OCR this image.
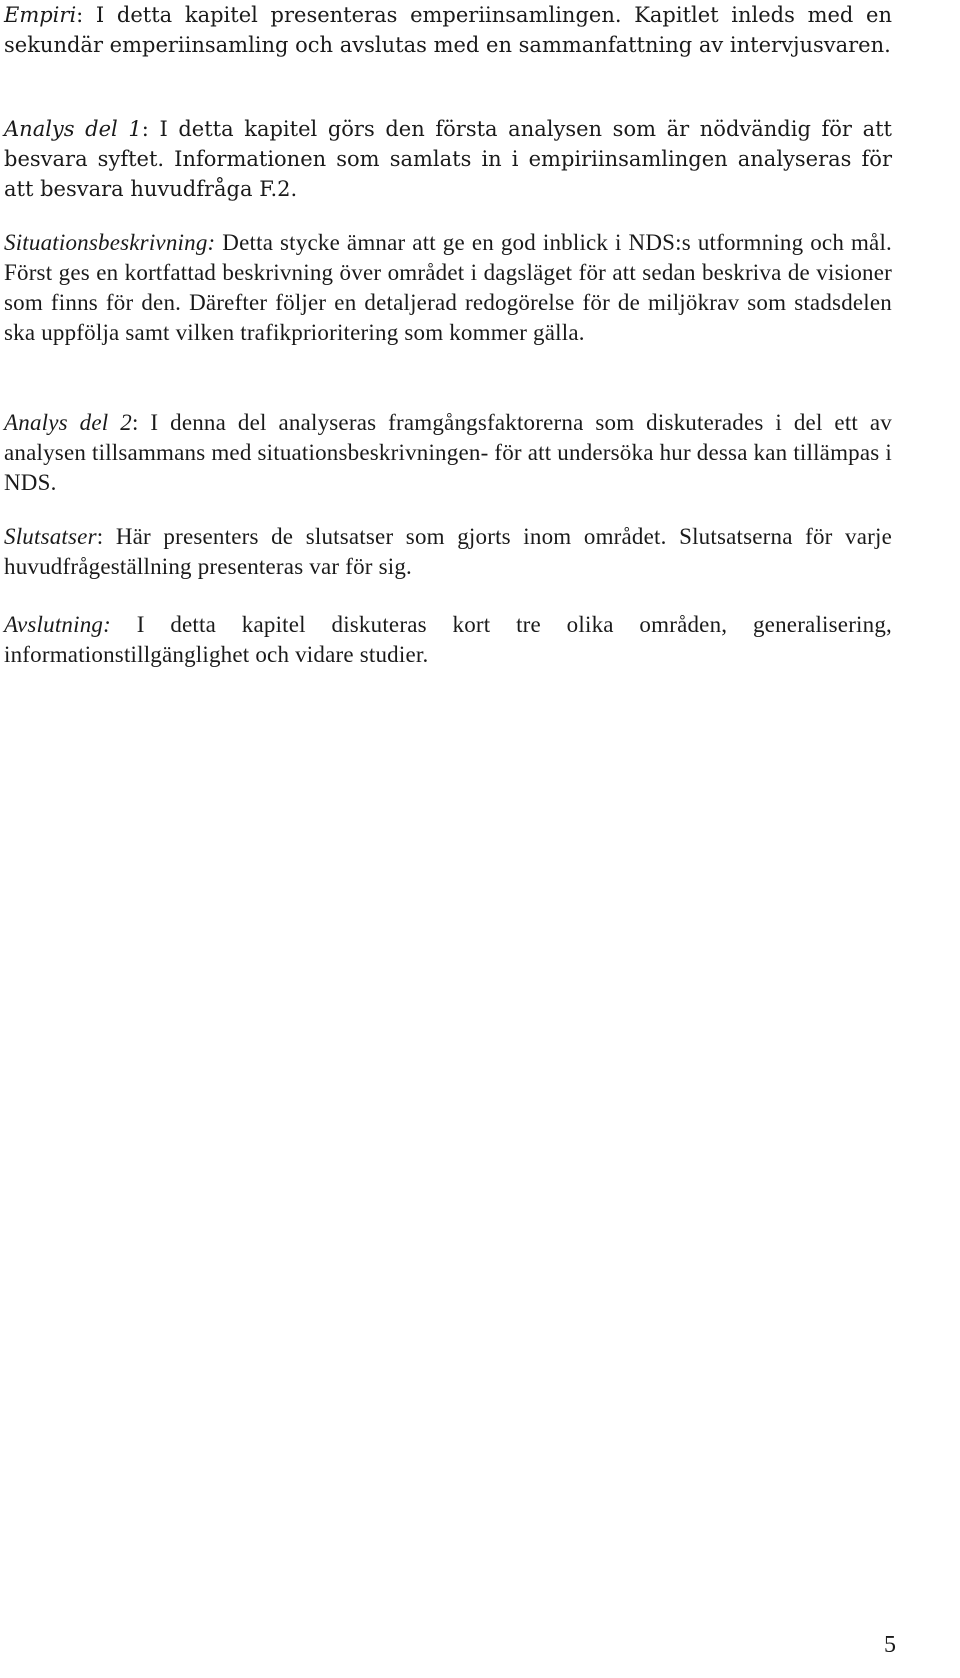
Empiri: I detta kapitel presenteras emperiinsamlingen. Kapitlet inleds med en sekundär emperiinsamling och avslutas med en sammanfattning av intervjusvaren.

Analys del 1: I detta kapitel görs den första analysen som är nödvändig för att besvara syftet. Informationen som samlats in i empiriinsamlingen analyseras för att besvara huvudfråga F.2.

Situationsbeskrivning: Detta stycke ämnar att ge en god inblick i NDS:s utformning och mål. Först ges en kortfattad beskrivning över området i dagsläget för att sedan beskriva de visioner som finns för den. Därefter följer en detaljerad redogörelse för de miljökrav som stadsdelen ska uppfölja samt vilken trafikprioritering som kommer gälla.

Analys del 2: I denna del analyseras framgångsfaktorerna som diskuterades i del ett av analysen tillsammans med situationsbeskrivningen- för att undersöka hur dessa kan tillämpas i NDS.

Slutsatser: Här presenters de slutsatser som gjorts inom området. Slutsatserna för varje huvudfrågeställning presenteras var för sig.

Avslutning: I detta kapitel diskuteras kort tre olika områden, generalisering, informationstillgänglighet och vidare studier.

5
